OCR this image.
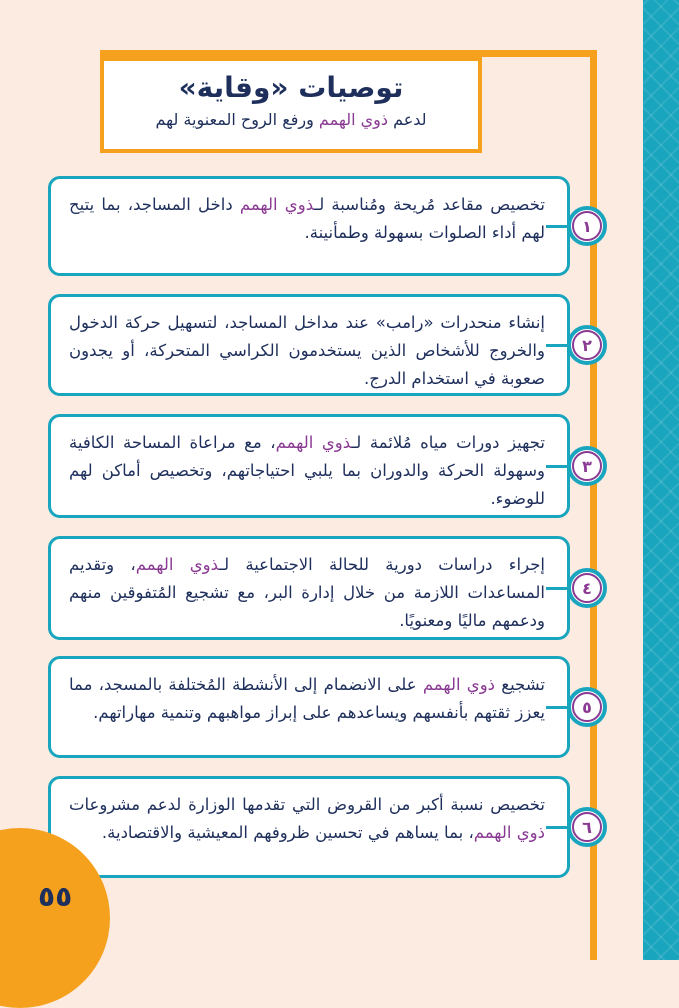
توصيات «وقاية»
لدعم ذوي الهمم ورفع الروح المعنوية لهم
تخصيص مقاعد مُريحة ومُناسبة لـذوي الهمم داخل المساجد، بما يتيح لهم أداء الصلوات بسهولة وطمأنينة.	١
إنشاء منحدرات «رامب» عند مداخل المساجد، لتسهيل حركة الدخول والخروج للأشخاص الذين يستخدمون الكراسي المتحركة، أو يجدون صعوبة في استخدام الدرج.
٢
تجهيز دورات مياه مُلائمة لـذوي الهمم، مع مراعاة المساحة الكافية وسهولة الحركة والدوران بما يلبي احتياجاتهم، وتخصيص أماكن لهم للوضوء.
٣
إجراء دراسات دورية للحالة الاجتماعية لـذوي الهمم، وتقديم المساعدات اللازمة من خلال إدارة البر، مع تشجيع المُتفوقين منهم ودعمهم ماليًا ومعنويًا.
٤
تشجيع ذوي الهمم على الانضمام إلى الأنشطة المُختلفة بالمسجد، مما يعزز ثقتهم بأنفسهم ويساعدهم على إبراز مواهبهم وتنمية مهاراتهم.	٥
تخصيص نسبة أكبر من القروض التي تقدمها الوزارة لدعم مشروعات ذوي الهمم، بما يساهم في تحسين ظروفهم المعيشية والاقتصادية.	٦
٥٥
